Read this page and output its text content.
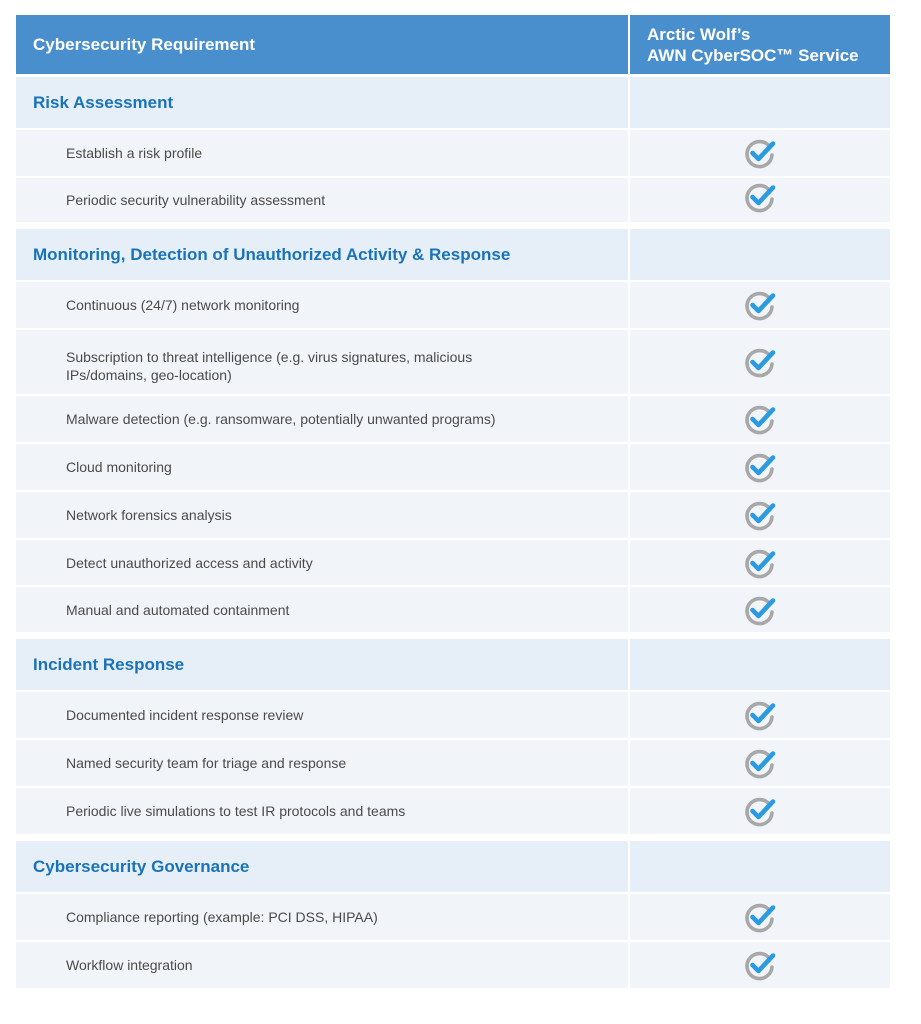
Cybersecurity Requirement	Arctic Wolf’s
AWN CyberSOC™ Service
Risk Assessment
Establish a risk profile
Periodic security vulnerability assessment
Monitoring, Detection of Unauthorized Activity & Response
Continuous (24/7) network monitoring
Subscription to threat intelligence (e.g. virus signatures, malicious
IPs/domains, geo-location)
Malware detection (e.g. ransomware, potentially unwanted programs)
Cloud monitoring
Network forensics analysis
Detect unauthorized access and activity
Manual and automated containment
Incident Response
Documented incident response review
Named security team for triage and response
Periodic live simulations to test IR protocols and teams
Cybersecurity Governance
Compliance reporting (example: PCI DSS, HIPAA)
Workflow integration
